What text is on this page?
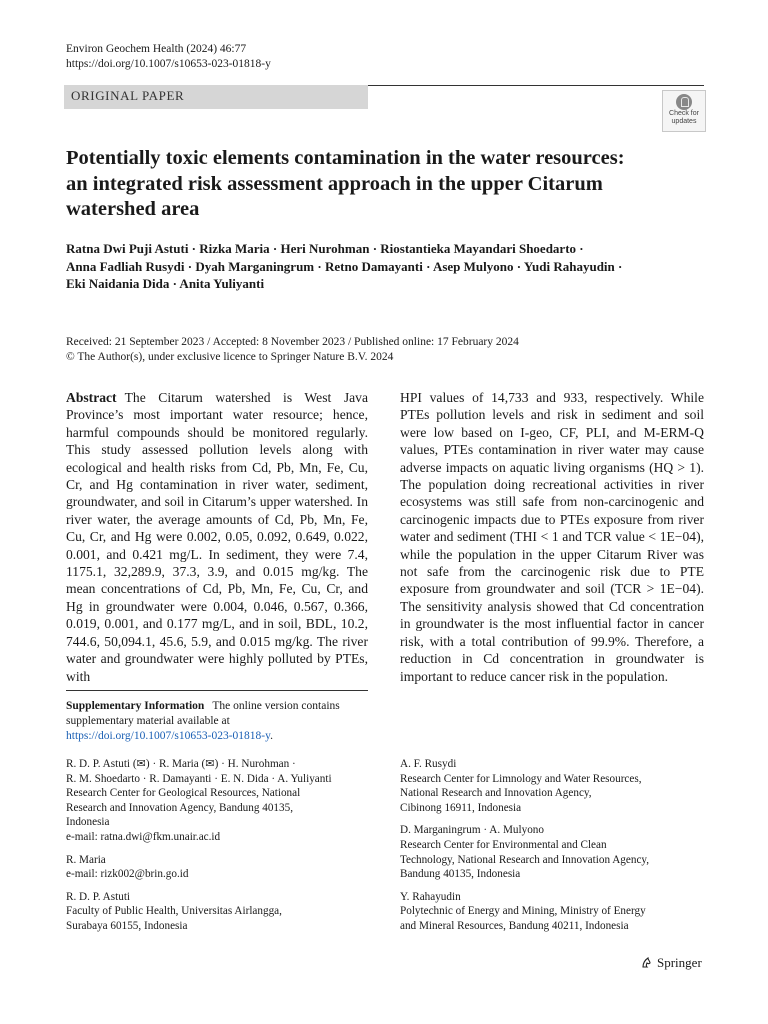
Environ Geochem Health (2024) 46:77
https://doi.org/10.1007/s10653-023-01818-y
ORIGINAL PAPER
Check for
updates
Potentially toxic elements contamination in the water resources: an integrated risk assessment approach in the upper Citarum watershed area
Ratna Dwi Puji Astuti · Rizka Maria · Heri Nurohman · Riostantieka Mayandari Shoedarto ·
Anna Fadliah Rusydi · Dyah Marganingrum · Retno Damayanti · Asep Mulyono · Yudi Rahayudin ·
Eki Naidania Dida · Anita Yuliyanti
Received: 21 September 2023 / Accepted: 8 November 2023 / Published online: 17 February 2024
© The Author(s), under exclusive licence to Springer Nature B.V. 2024
Abstract The Citarum watershed is West Java Province’s most important water resource; hence, harmful compounds should be monitored regularly. This study assessed pollution levels along with ecological and health risks from Cd, Pb, Mn, Fe, Cu, Cr, and Hg contamination in river water, sediment, groundwater, and soil in Citarum’s upper watershed. In river water, the average amounts of Cd, Pb, Mn, Fe, Cu, Cr, and Hg were 0.002, 0.05, 0.092, 0.649, 0.022, 0.001, and 0.421 mg/L. In sediment, they were 7.4, 1175.1, 32,289.9, 37.3, 3.9, and 0.015 mg/kg. The mean concentrations of Cd, Pb, Mn, Fe, Cu, Cr, and Hg in groundwater were 0.004, 0.046, 0.567, 0.366, 0.019, 0.001, and 0.177 mg/L, and in soil, BDL, 10.2, 744.6, 50,094.1, 45.6, 5.9, and 0.015 mg/kg. The river water and groundwater were highly polluted by PTEs, with
HPI values of 14,733 and 933, respectively. While PTEs pollution levels and risk in sediment and soil were low based on I-geo, CF, PLI, and M-ERM-Q values, PTEs contamination in river water may cause adverse impacts on aquatic living organisms (HQ > 1). The population doing recreational activities in river ecosystems was still safe from non-carcinogenic and carcinogenic impacts due to PTEs exposure from river water and sediment (THI < 1 and TCR value < 1E−04), while the population in the upper Citarum River was not safe from the carcinogenic risk due to PTE exposure from groundwater and soil (TCR > 1E−04). The sensitivity analysis showed that Cd concentration in groundwater is the most influential factor in cancer risk, with a total contribution of 99.9%. Therefore, a reduction in Cd concentration in groundwater is important to reduce cancer risk in the population.
Supplementary Information The online version contains supplementary material available at https://doi.org/10.1007/s10653-023-01818-y.
R. D. P. Astuti (✉) · R. Maria (✉) · H. Nurohman ·
R. M. Shoedarto · R. Damayanti · E. N. Dida · A. Yuliyanti
Research Center for Geological Resources, National
Research and Innovation Agency, Bandung 40135,
Indonesia
e-mail: ratna.dwi@fkm.unair.ac.id
R. Maria
e-mail: rizk002@brin.go.id
R. D. P. Astuti
Faculty of Public Health, Universitas Airlangga,
Surabaya 60155, Indonesia
A. F. Rusydi
Research Center for Limnology and Water Resources,
National Research and Innovation Agency,
Cibinong 16911, Indonesia
D. Marganingrum · A. Mulyono
Research Center for Environmental and Clean
Technology, National Research and Innovation Agency,
Bandung 40135, Indonesia
Y. Rahayudin
Polytechnic of Energy and Mining, Ministry of Energy
and Mineral Resources, Bandung 40211, Indonesia
Springer
